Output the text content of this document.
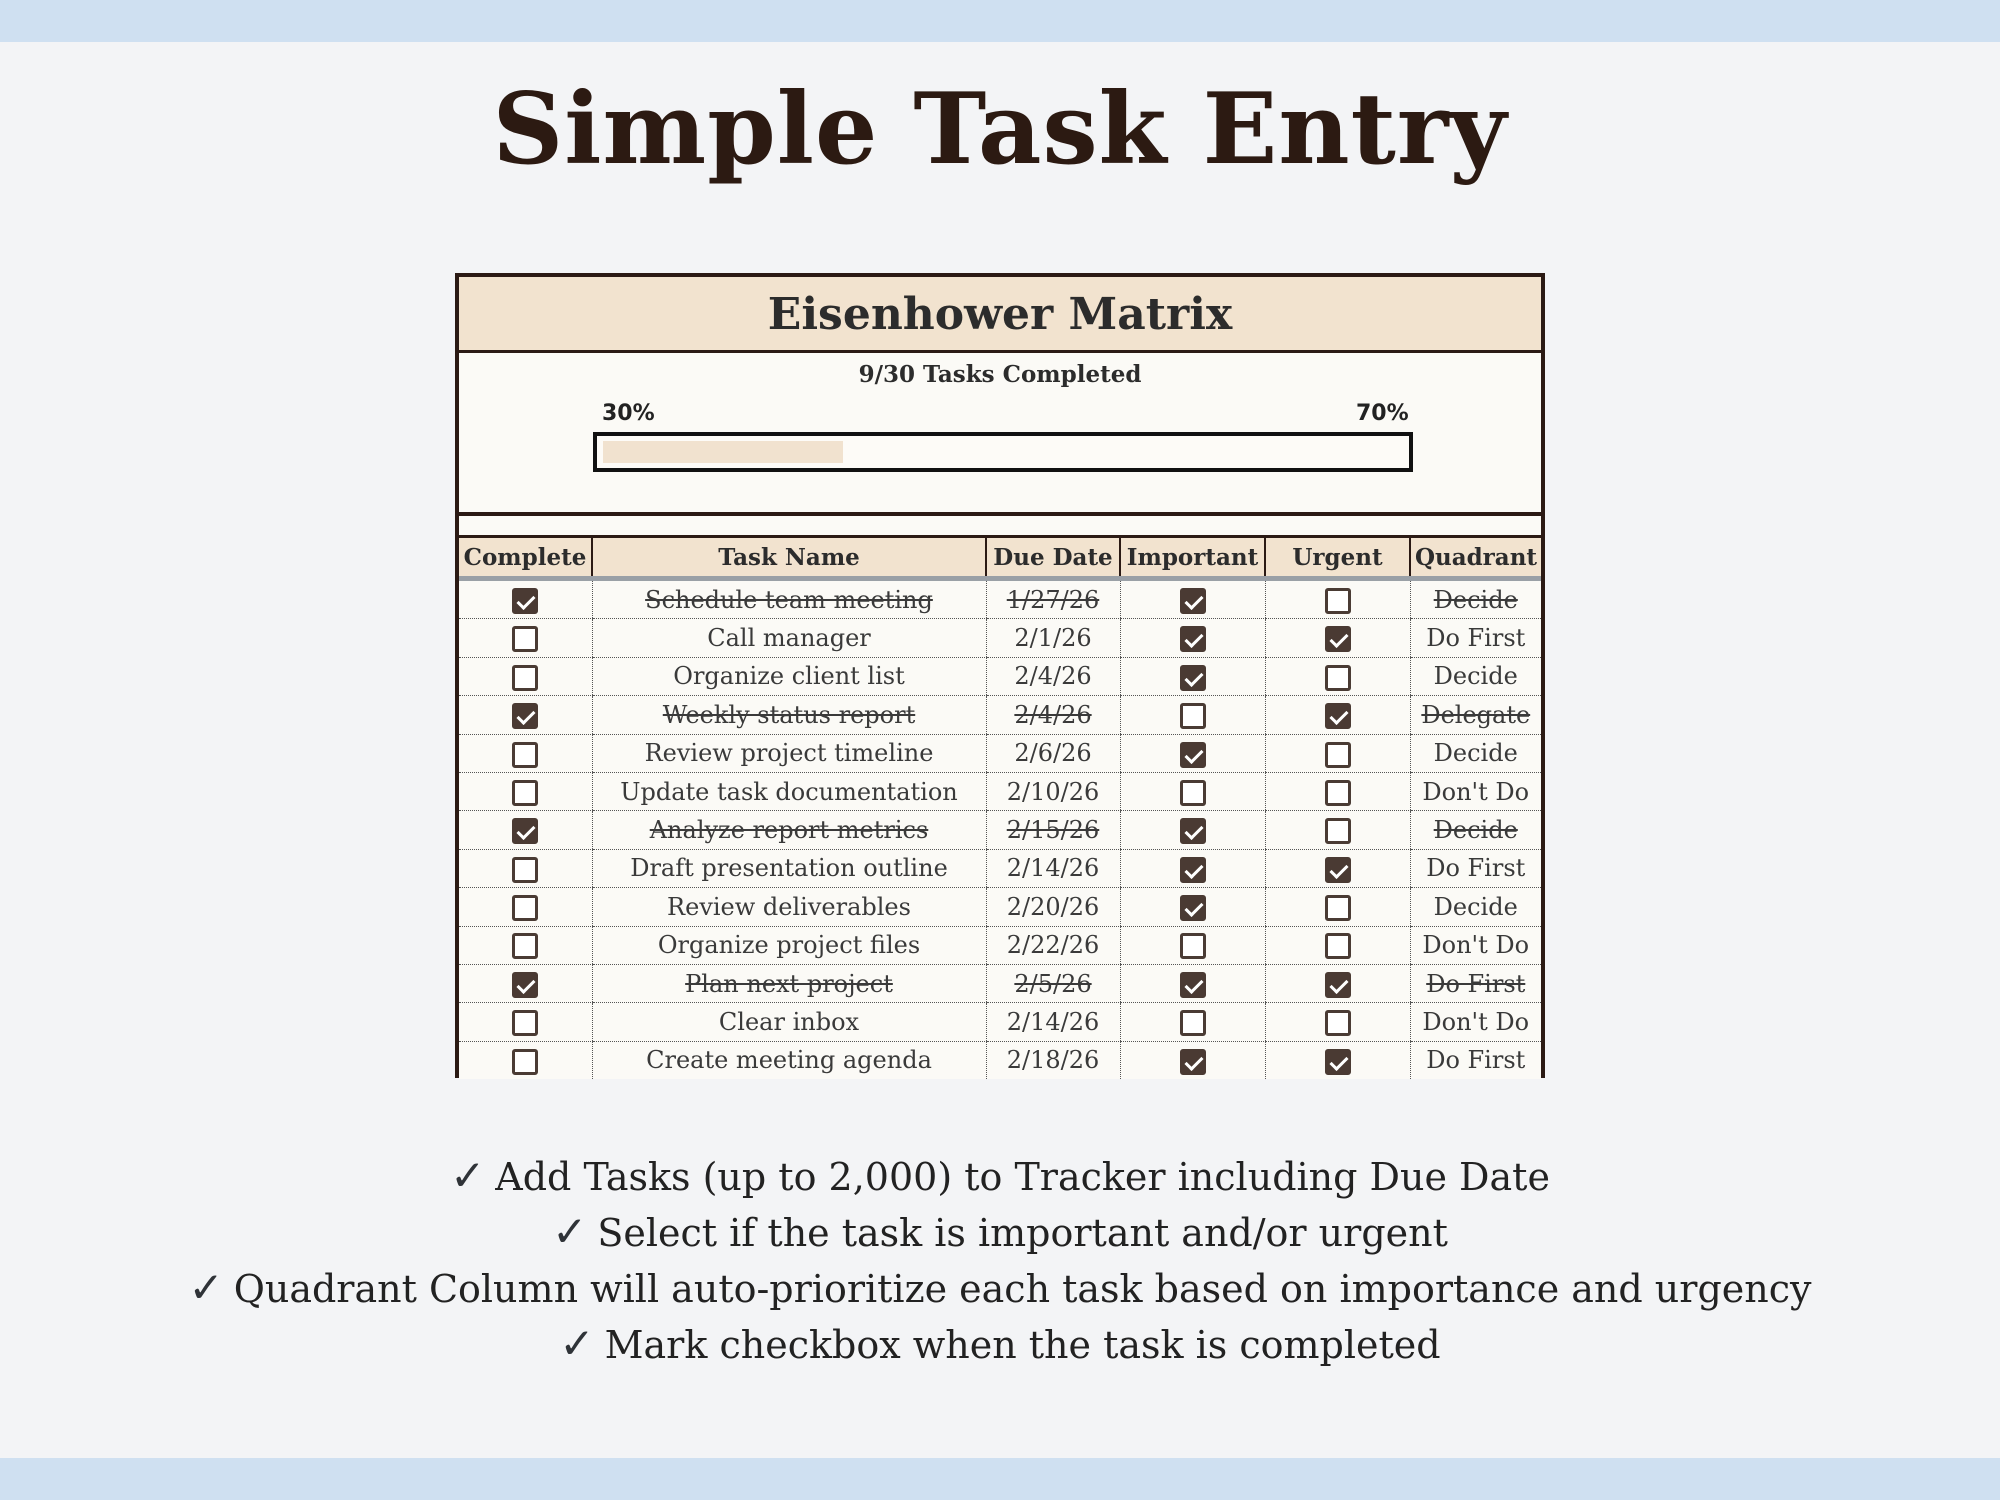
Simple Task Entry
Eisenhower Matrix
9/30 Tasks Completed
30%	70%
Complete	Task Name	Due Date	Important	Urgent	Quadrant
	Schedule team meeting	1/27/26			Decide
	Call manager	2/1/26			Do First
	Organize client list	2/4/26			Decide
	Weekly status report	2/4/26			Delegate
	Review project timeline	2/6/26			Decide
	Update task documentation	2/10/26			Don't Do
	Analyze report metrics	2/15/26			Decide
	Draft presentation outline	2/14/26			Do First
	Review deliverables	2/20/26			Decide
	Organize project files	2/22/26			Don't Do
	Plan next project	2/5/26			Do First
	Clear inbox	2/14/26			Don't Do
	Create meeting agenda	2/18/26			Do First
✓ Add Tasks (up to 2,000) to Tracker including Due Date
✓ Select if the task is important and/or urgent
✓ Quadrant Column will auto-prioritize each task based on importance and urgency
✓ Mark checkbox when the task is completed
